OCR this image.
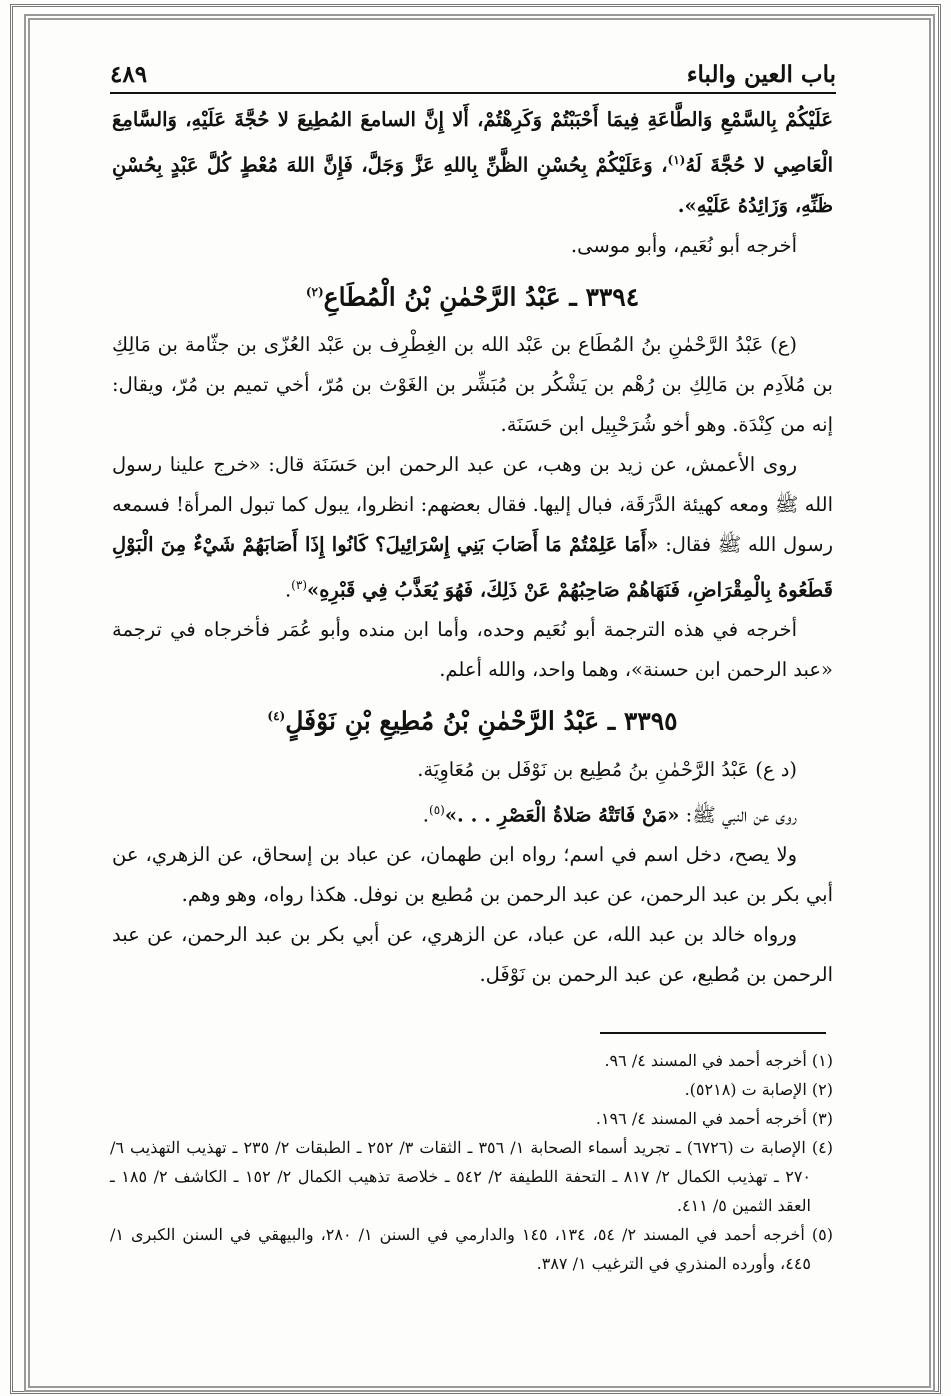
٤٨٩	باب العين والباء

عَلَيْكُمْ بِالسَّمْعِ وَالطَّاعَةِ فِيمَا أَحْبَبْتُمْ وَكَرِهْتُمْ، أَلا إِنَّ السامعَ المُطِيعَ لا حُجَّةَ عَلَيْهِ، وَالسَّامِعَ الْعَاصِي لا حُجَّةَ لَهُ$^{(١)}$، وَعَلَيْكُمْ بِحُسْنِ الظَّنِّ بِاللهِ عَزَّ وَجَلَّ، فَإِنَّ اللهَ مُعْطٍ كُلَّ عَبْدٍ بِحُسْنِ ظَنِّهِ، وَزَائِدُهُ عَلَيْهِ».

أخرجه أبو نُعَيم، وأبو موسى.

٣٣٩٤ ـ عَبْدُ الرَّحْمٰنِ بْنُ الْمُطَاعِ$^{(٢)}$

(ع) عَبْدُ الرَّحْمٰنِ بنُ المُطَاع بن عَبْد الله بن الغِطْرِف بن عَبْد العُزّى بن جثّامة بن مَالِكِ بن مُلاَدِم بن مَالِكِ بن رُهْم بن يَشْكُر بن مُبَشِّر بن الغَوْث بن مُرّ، أخي تميم بن مُرّ، ويقال: إنه من كِنْدَة. وهو أخو شُرَحْبِيل ابن حَسَنَة.

روى الأعمش، عن زيد بن وهب، عن عبد الرحمن ابن حَسَنَة قال: «خرج علينا رسول الله ﷺ ومعه كهيئة الدَّرَقَة، فبال إليها. فقال بعضهم: انظروا، يبول كما تبول المرأة! فسمعه رسول الله ﷺ فقال: «أَمَا عَلِمْتُمْ مَا أَصَابَ بَنِي إِسْرَائِيلَ؟ كَانُوا إِذَا أَصَابَهُمْ شَيْءٌ مِنَ الْبَوْلِ قَطَعُوهُ بِالْمِقْرَاضِ، فَنَهَاهُمْ صَاحِبُهُمْ عَنْ ذَلِكَ، فَهُوَ يُعَذَّبُ فِي قَبْرِهِ»$^{(٣)}$.

أخرجه في هذه الترجمة أبو نُعَيم وحده، وأما ابن منده وأبو عُمَر فأخرجاه في ترجمة «عبد الرحمن ابن حسنة»، وهما واحد، والله أعلم.

٣٣٩٥ ـ عَبْدُ الرَّحْمٰنِ بْنُ مُطِيعِ بْنِ نَوْفَلٍ$^{(٤)}$

(د ع) عَبْدُ الرَّحْمٰنِ بنُ مُطِيع بن نَوْفَل بن مُعَاوِيَة.

روى عن النبي ﷺ: «مَنْ فَاتَتْهُ صَلاةُ الْعَصْرِ . . .»$^{(٥)}$.

ولا يصح، دخل اسم في اسم؛ رواه ابن طهمان، عن عباد بن إسحاق، عن الزهري، عن أبي بكر بن عبد الرحمن، عن عبد الرحمن بن مُطيع بن نوفل. هكذا رواه، وهو وهم.

ورواه خالد بن عبد الله، عن عباد، عن الزهري، عن أبي بكر بن عبد الرحمن، عن عبد الرحمن بن مُطيع، عن عبد الرحمن بن نَوْفَل.

(١) أخرجه أحمد في المسند ٤/ ٩٦.

(٢) الإصابة ت (٥٢١٨).

(٣) أخرجه أحمد في المسند ٤/ ١٩٦.

(٤) الإصابة ت (٦٧٢٦) ـ تجريد أسماء الصحابة ١/ ٣٥٦ ـ الثقات ٣/ ٢٥٢ ـ الطبقات ٢/ ٢٣٥ ـ تهذيب التهذيب ٦/ ٢٧٠ ـ تهذيب الكمال ٢/ ٨١٧ ـ التحفة اللطيفة ٢/ ٥٤٢ ـ خلاصة تذهيب الكمال ٢/ ١٥٢ ـ الكاشف ٢/ ١٨٥ ـ العقد الثمين ٥/ ٤١١.

(٥) أخرجه أحمد في المسند ٢/ ٥٤، ١٣٤، ١٤٥ والدارمي في السنن ١/ ٢٨٠، والبيهقي في السنن الكبرى ١/ ٤٤٥، وأورده المنذري في الترغيب ١/ ٣٨٧.
